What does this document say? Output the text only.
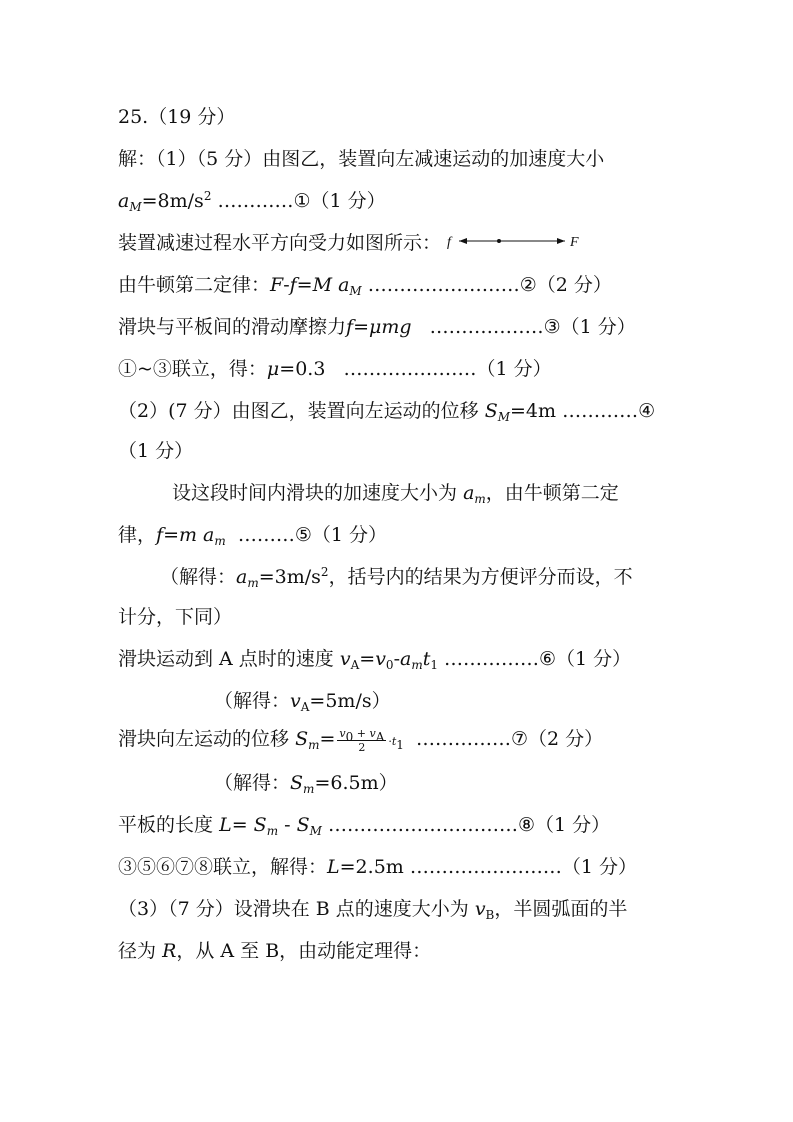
25.（19 分）
解：（1）（5 分）由图乙，装置向左减速运动的加速度大小
$a_M=8m/s^2$ …………①（1 分）
装置减速过程水平方向受力如图所示： f	F
由牛顿第二定律：F-f=M $a_M$ ……………………②（2 分）
滑块与平板间的滑动摩擦力f=μmg   ………………③（1 分）
①~③联立，得：μ=0.3   …………………（1 分）
（2）(7 分）由图乙，装置向左运动的位移 $S_M=4m$ …………④
（1 分）
设这段时间内滑块的加速度大小为 $a_m$，由牛顿第二定
律，f=m $a_m$  ………⑤（1 分）
（解得：$a_m=3m/s^2$，括号内的结果为方便评分而设，不
计分，下同）
滑块运动到 A 点时的速度 $v_A=v_0-a_mt_1$ ……………⑥（1 分）
（解得：$v_A=5m/s$）
滑块向左运动的位移 $S_m= \frac{v_0 + v_A}{2} \cdot t_1$  ……………⑦（2 分）
（解得：$S_m=6.5m$）
平板的长度 $L= S_m - S_M$ …………………………⑧（1 分）
③⑤⑥⑦⑧联立，解得：L=2.5m ……………………（1 分）
（3）（7 分）设滑块在 B 点的速度大小为 $v_B$，半圆弧面的半
径为 R，从 A 至 B，由动能定理得：
